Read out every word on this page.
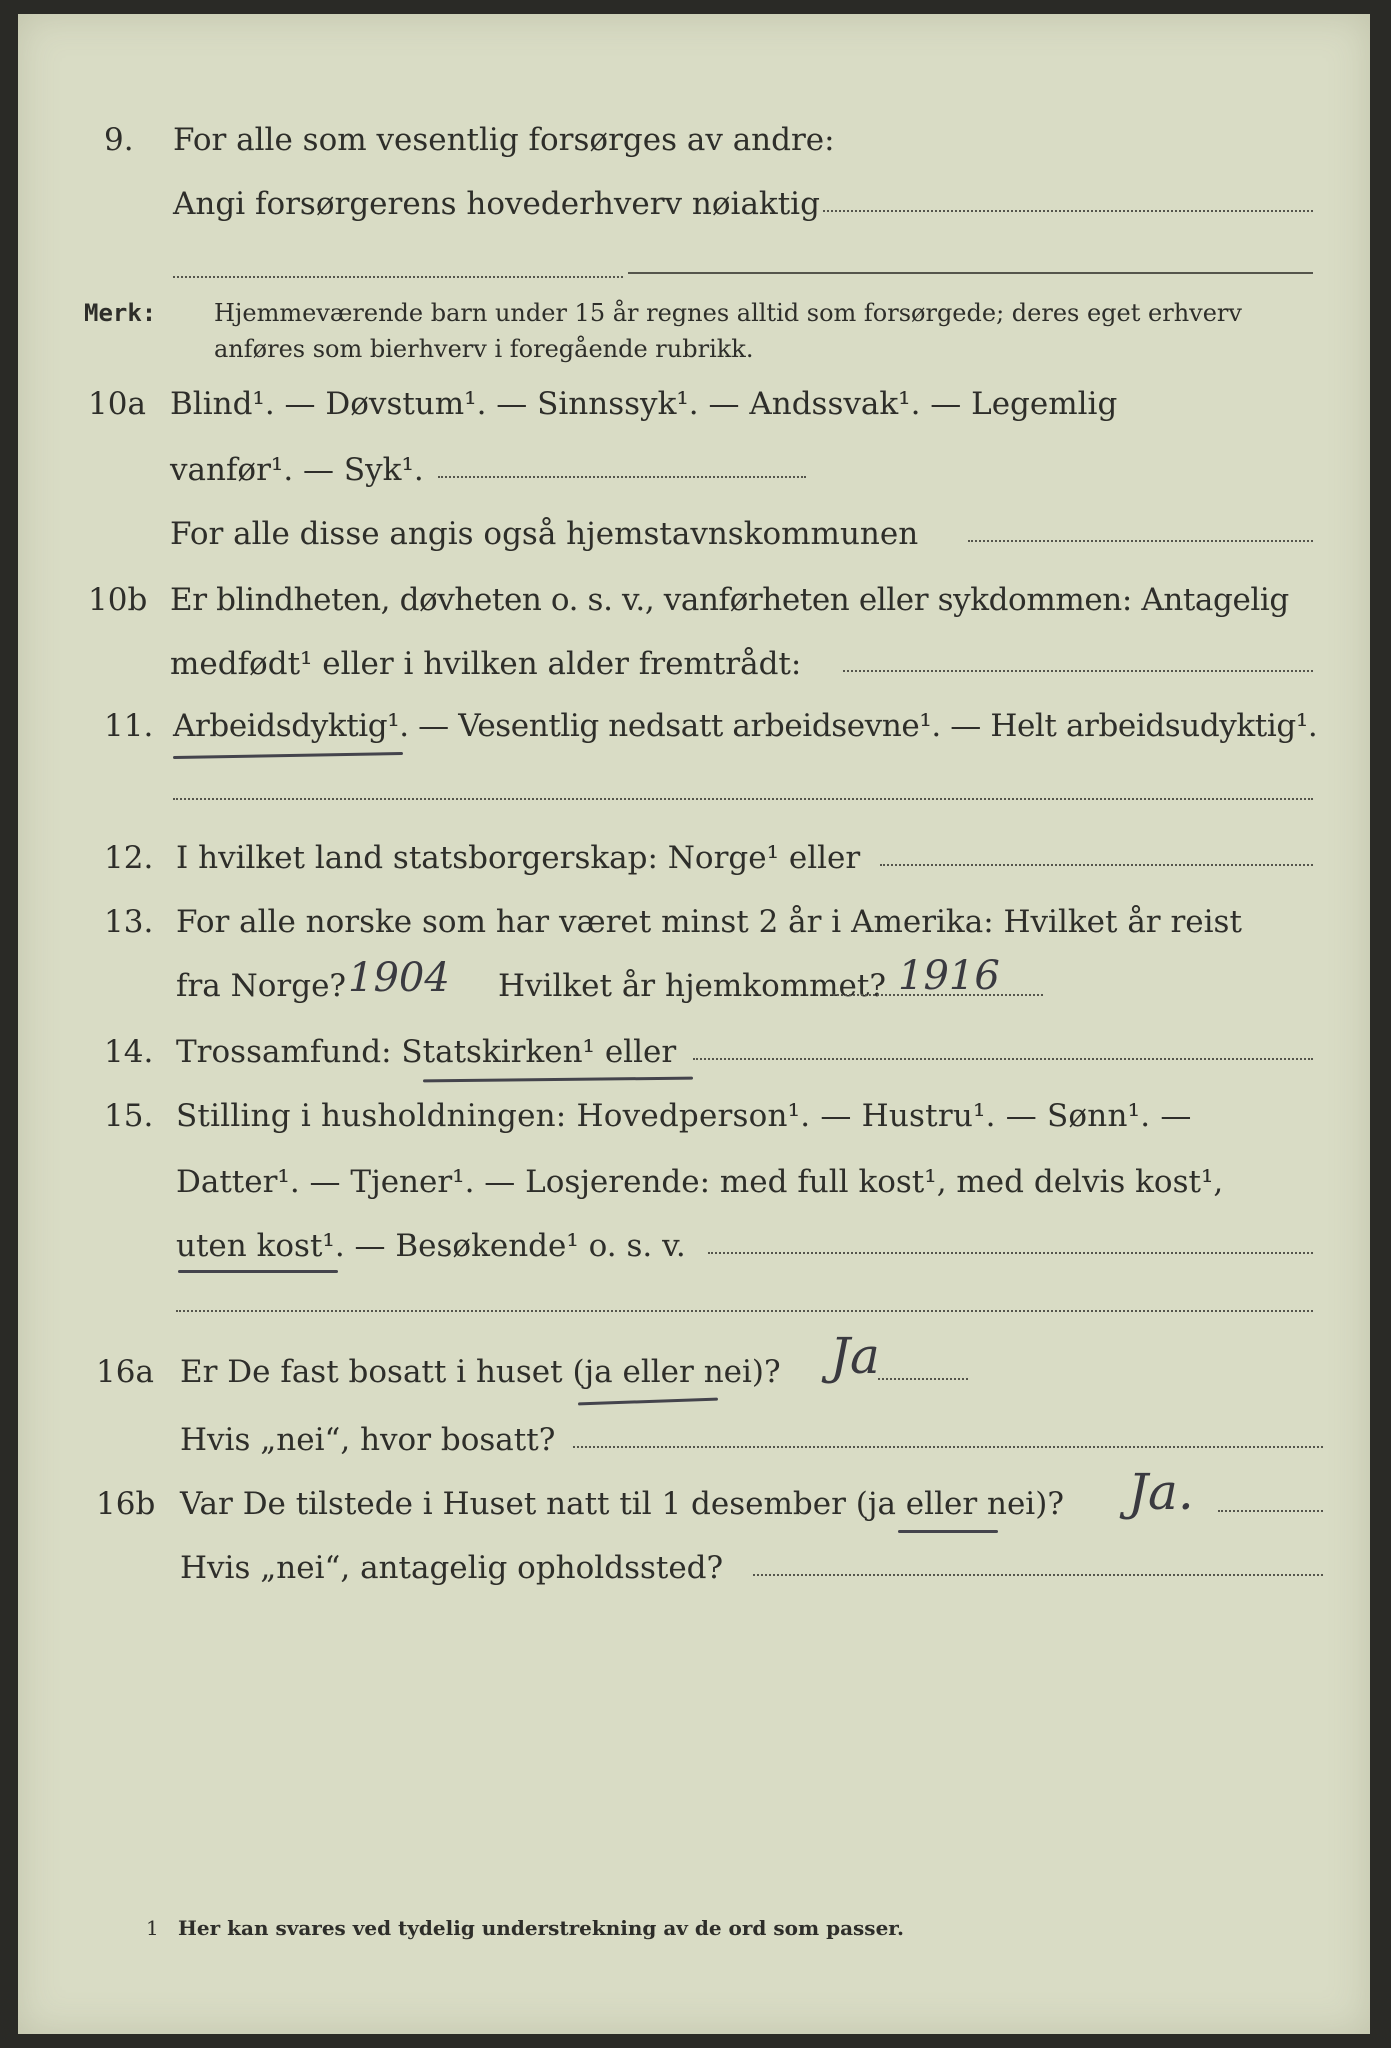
9. For alle som vesentlig forsørges av andre:
Angi forsørgerens hovederhverv nøiaktig
Merk: Hjemmeværende barn under 15 år regnes alltid som forsørgede; deres eget erhverv
anføres som bierhverv i foregående rubrikk.
10a Blind¹. — Døvstum¹. — Sinnssyk¹. — Andssvak¹. — Legemlig
vanfør¹. — Syk¹.
For alle disse angis også hjemstavnskommunen
10b Er blindheten, døvheten o. s. v., vanførheten eller sykdommen: Antagelig
medfødt¹ eller i hvilken alder fremtrådt:
11. Arbeidsdyktig¹. — Vesentlig nedsatt arbeidsevne¹. — Helt arbeidsudyktig¹.
12. I hvilket land statsborgerskap: Norge¹ eller
13. For alle norske som har været minst 2 år i Amerika: Hvilket år reist
fra Norge? 1904 Hvilket år hjemkommet? 1916
14. Trossamfund: Statskirken¹ eller
15. Stilling i husholdningen: Hovedperson¹. — Hustru¹. — Sønn¹. —
Datter¹. — Tjener¹. — Losjerende: med full kost¹, med delvis kost¹,
uten kost¹. — Besøkende¹ o. s. v.
16a Er De fast bosatt i huset (ja eller nei)? Ja
Hvis „nei“, hvor bosatt?
16b Var De tilstede i Huset natt til 1 desember (ja eller nei)? Ja.
Hvis „nei“, antagelig opholdssted?
1 Her kan svares ved tydelig understrekning av de ord som passer.
